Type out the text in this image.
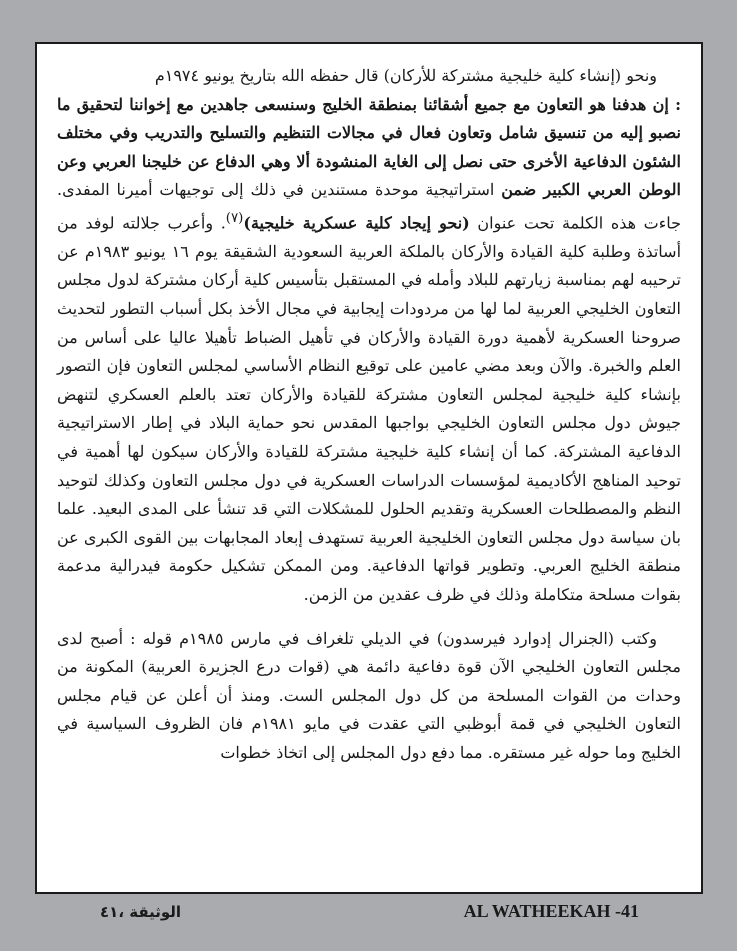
ونحو (إنشاء كلية خليجية مشتركة للأركان) قال حفظه الله بتاريخ يونيو ١٩٧٤م
: إن هدفنا هو التعاون مع جميع أشقائنا بمنطقة الخليج وسنسعى جاهدين مع إخواننا لتحقيق ما نصبو إليه من تنسيق شامل وتعاون فعال في مجالات التنظيم والتسليح والتدريب وفي مختلف الشئون الدفاعية الأخرى حتى نصل إلى الغاية المنشودة ألا وهي الدفاع عن خليجنا العربي وعن الوطن العربي الكبير ضمن استراتيجية موحدة مستندين في ذلك إلى توجيهات أميرنا المفدى. جاءت هذه الكلمة تحت عنوان (نحو إيجاد كلية عسكرية خليجية)$^{(٧)}$. وأعرب جلالته لوفد من أساتذة وطلبة كلية القيادة والأركان بالملكة العربية السعودية الشقيقة يوم ١٦ يونيو ١٩٨٣م عن ترحيبه لهم بمناسبة زيارتهم للبلاد وأمله في المستقبل بتأسيس كلية أركان مشتركة لدول مجلس التعاون الخليجي العربية لما لها من مردودات إيجابية في مجال الأخذ بكل أسباب التطور لتحديث صروحنا العسكرية لأهمية دورة القيادة والأركان في تأهيل الضباط تأهيلا عاليا على أساس من العلم والخبرة. والآن وبعد مضي عامين على توقيع النظام الأساسي لمجلس التعاون فإن التصور بإنشاء كلية خليجية لمجلس التعاون مشتركة للقيادة والأركان تعتد بالعلم العسكري لتنهض جيوش دول مجلس التعاون الخليجي بواجبها المقدس نحو حماية البلاد في إطار الاستراتيجية الدفاعية المشتركة. كما أن إنشاء كلية خليجية مشتركة للقيادة والأركان سيكون لها أهمية في توحيد المناهج الأكاديمية لمؤسسات الدراسات العسكرية في دول مجلس التعاون وكذلك لتوحيد النظم والمصطلحات العسكرية وتقديم الحلول للمشكلات التي قد تنشأ على المدى البعيد. علما بان سياسة دول مجلس التعاون الخليجية العربية تستهدف إبعاد المجابهات بين القوى الكبرى عن منطقة الخليج العربي. وتطوير قواتها الدفاعية. ومن الممكن تشكيل حكومة فيدرالية مدعمة بقوات مسلحة متكاملة وذلك في ظرف عقدين من الزمن.

وكتب (الجنرال إدوارد فيرسدون) في الديلي تلغراف في مارس ١٩٨٥م قوله : أصبح لدى مجلس التعاون الخليجي الآن قوة دفاعية دائمة هي (قوات درع الجزيرة العربية) المكونة من وحدات من القوات المسلحة من كل دول المجلس الست. ومنذ أن أعلن عن قيام مجلس التعاون الخليجي في قمة أبوظبي التي عقدت في مايو ١٩٨١م فان الظروف السياسية في الخليج وما حوله غير مستقره. مما دفع دول المجلس إلى اتخاذ خطوات

الوثيقة ،٤١	AL WATHEEKAH -41
